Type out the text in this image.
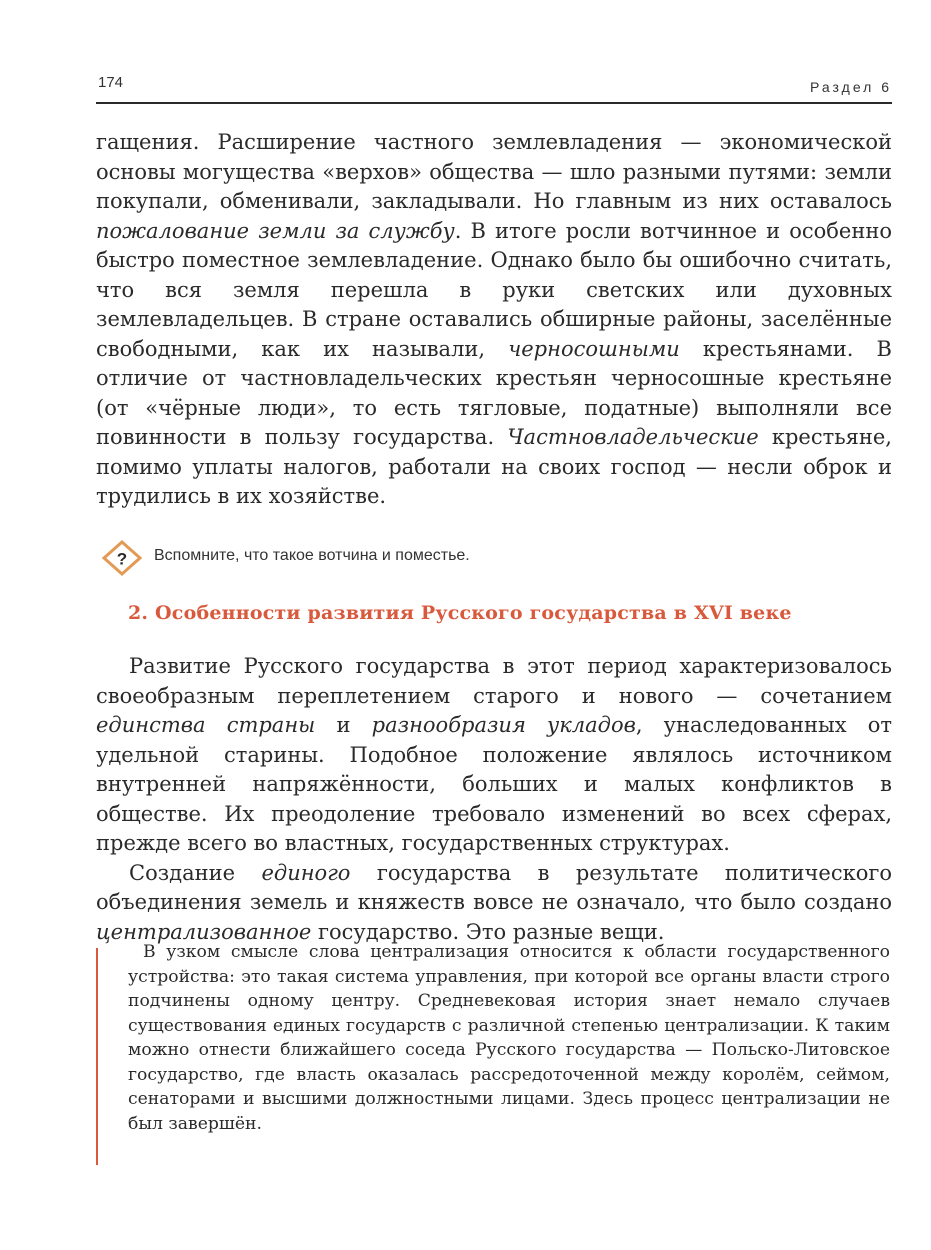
174	Раздел 6

гащения. Расширение частного землевладения — экономической основы могущества «верхов» общества — шло разными путями: земли покупали, обменивали, закладывали. Но главным из них оставалось пожалование земли за службу. В итоге росли вотчинное и особенно быстро поместное землевладение. Однако было бы ошибочно считать, что вся земля перешла в руки светских или духовных землевладельцев. В стране оставались обширные районы, заселённые свободными, как их называли, черносошными крестьянами. В отличие от частновладельческих крестьян черносошные крестьяне (от «чёрные люди», то есть тягловые, податные) выполняли все повинности в пользу государства. Частновладельческие крестьяне, помимо уплаты налогов, работали на своих господ — несли оброк и трудились в их хозяйстве.

? Вспомните, что такое вотчина и поместье.
2. Особенности развития Русского государства в XVI веке

Развитие Русского государства в этот период характеризовалось своеобразным переплетением старого и нового — сочетанием единства страны и разнообразия укладов, унаследованных от удельной старины. Подобное положение являлось источником внутренней напряжённости, больших и малых конфликтов в обществе. Их преодоление требовало изменений во всех сферах, прежде всего во властных, государственных структурах.

Создание единого государства в результате политического объединения земель и княжеств вовсе не означало, что было создано централизованное государство. Это разные вещи.

В узком смысле слова централизация относится к области государственного устройства: это такая система управления, при которой все органы власти строго подчинены одному центру. Средневековая история знает немало случаев существования единых государств с различной степенью централизации. К таким можно отнести ближайшего соседа Русского государства — Польско-Литовское государство, где власть оказалась рассредоточенной между королём, сеймом, сенаторами и высшими должностными лицами. Здесь процесс централизации не был завершён.
